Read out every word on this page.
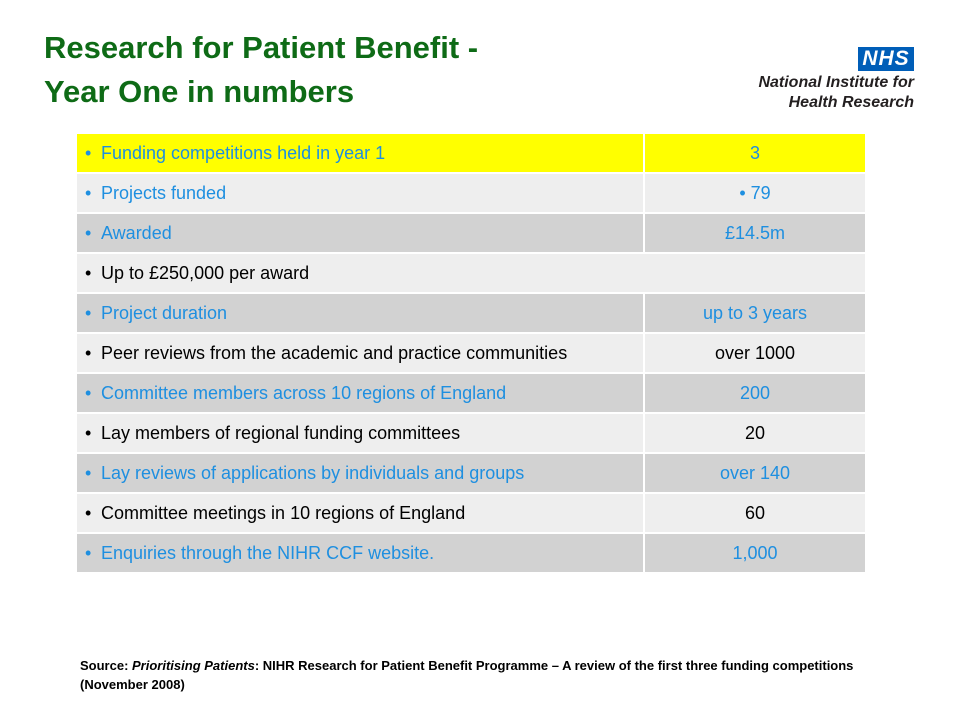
Research for Patient Benefit -
Year One in numbers
NHS
National Institute for
Health Research
• Funding competitions held in year 1	3
• Projects funded	• 79
• Awarded	£14.5m
• Up to £250,000 per award	
• Project duration	up to 3 years
• Peer reviews from the academic and practice communities	over 1000
• Committee members across 10 regions of England	200
• Lay members of regional funding committees	20
• Lay reviews of applications by individuals and groups	over 140
• Committee meetings in 10 regions of England	60
• Enquiries through the NIHR CCF website.	1,000

Source: Prioritising Patients: NIHR Research for Patient Benefit Programme – A review of the first three funding competitions (November 2008)
